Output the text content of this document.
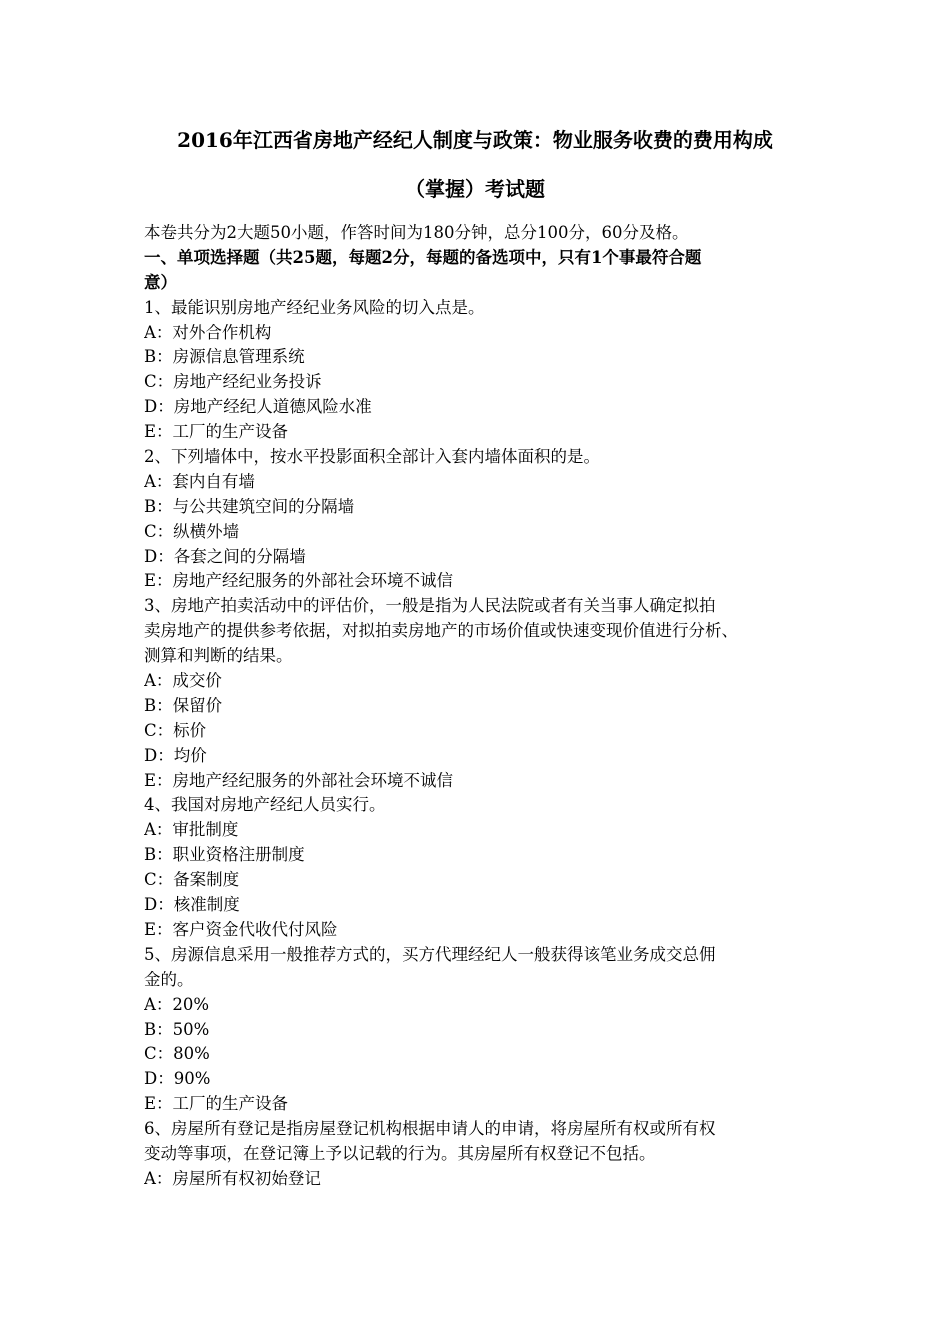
2016年江西省房地产经纪人制度与政策：物业服务收费的费用构成
（掌握）考试题
本卷共分为2大题50小题，作答时间为180分钟，总分100分，60分及格。
一、单项选择题（共25题，每题2分，每题的备选项中，只有1个事最符合题
意）
1、最能识别房地产经纪业务风险的切入点是。
A：对外合作机构
B：房源信息管理系统
C：房地产经纪业务投诉
D：房地产经纪人道德风险水准
E：工厂的生产设备
2、下列墙体中，按水平投影面积全部计入套内墙体面积的是。
A：套内自有墙
B：与公共建筑空间的分隔墙
C：纵横外墙
D：各套之间的分隔墙
E：房地产经纪服务的外部社会环境不诚信
3、房地产拍卖活动中的评估价，一般是指为人民法院或者有关当事人确定拟拍
卖房地产的提供参考依据，对拟拍卖房地产的市场价值或快速变现价值进行分析、
测算和判断的结果。
A：成交价
B：保留价
C：标价
D：均价
E：房地产经纪服务的外部社会环境不诚信
4、我国对房地产经纪人员实行。
A：审批制度
B：职业资格注册制度
C：备案制度
D：核准制度
E：客户资金代收代付风险
5、房源信息采用一般推荐方式的，买方代理经纪人一般获得该笔业务成交总佣
金的。
A：20%
B：50%
C：80%
D：90%
E：工厂的生产设备
6、房屋所有登记是指房屋登记机构根据申请人的申请，将房屋所有权或所有权
变动等事项，在登记簿上予以记载的行为。其房屋所有权登记不包括。
A：房屋所有权初始登记
